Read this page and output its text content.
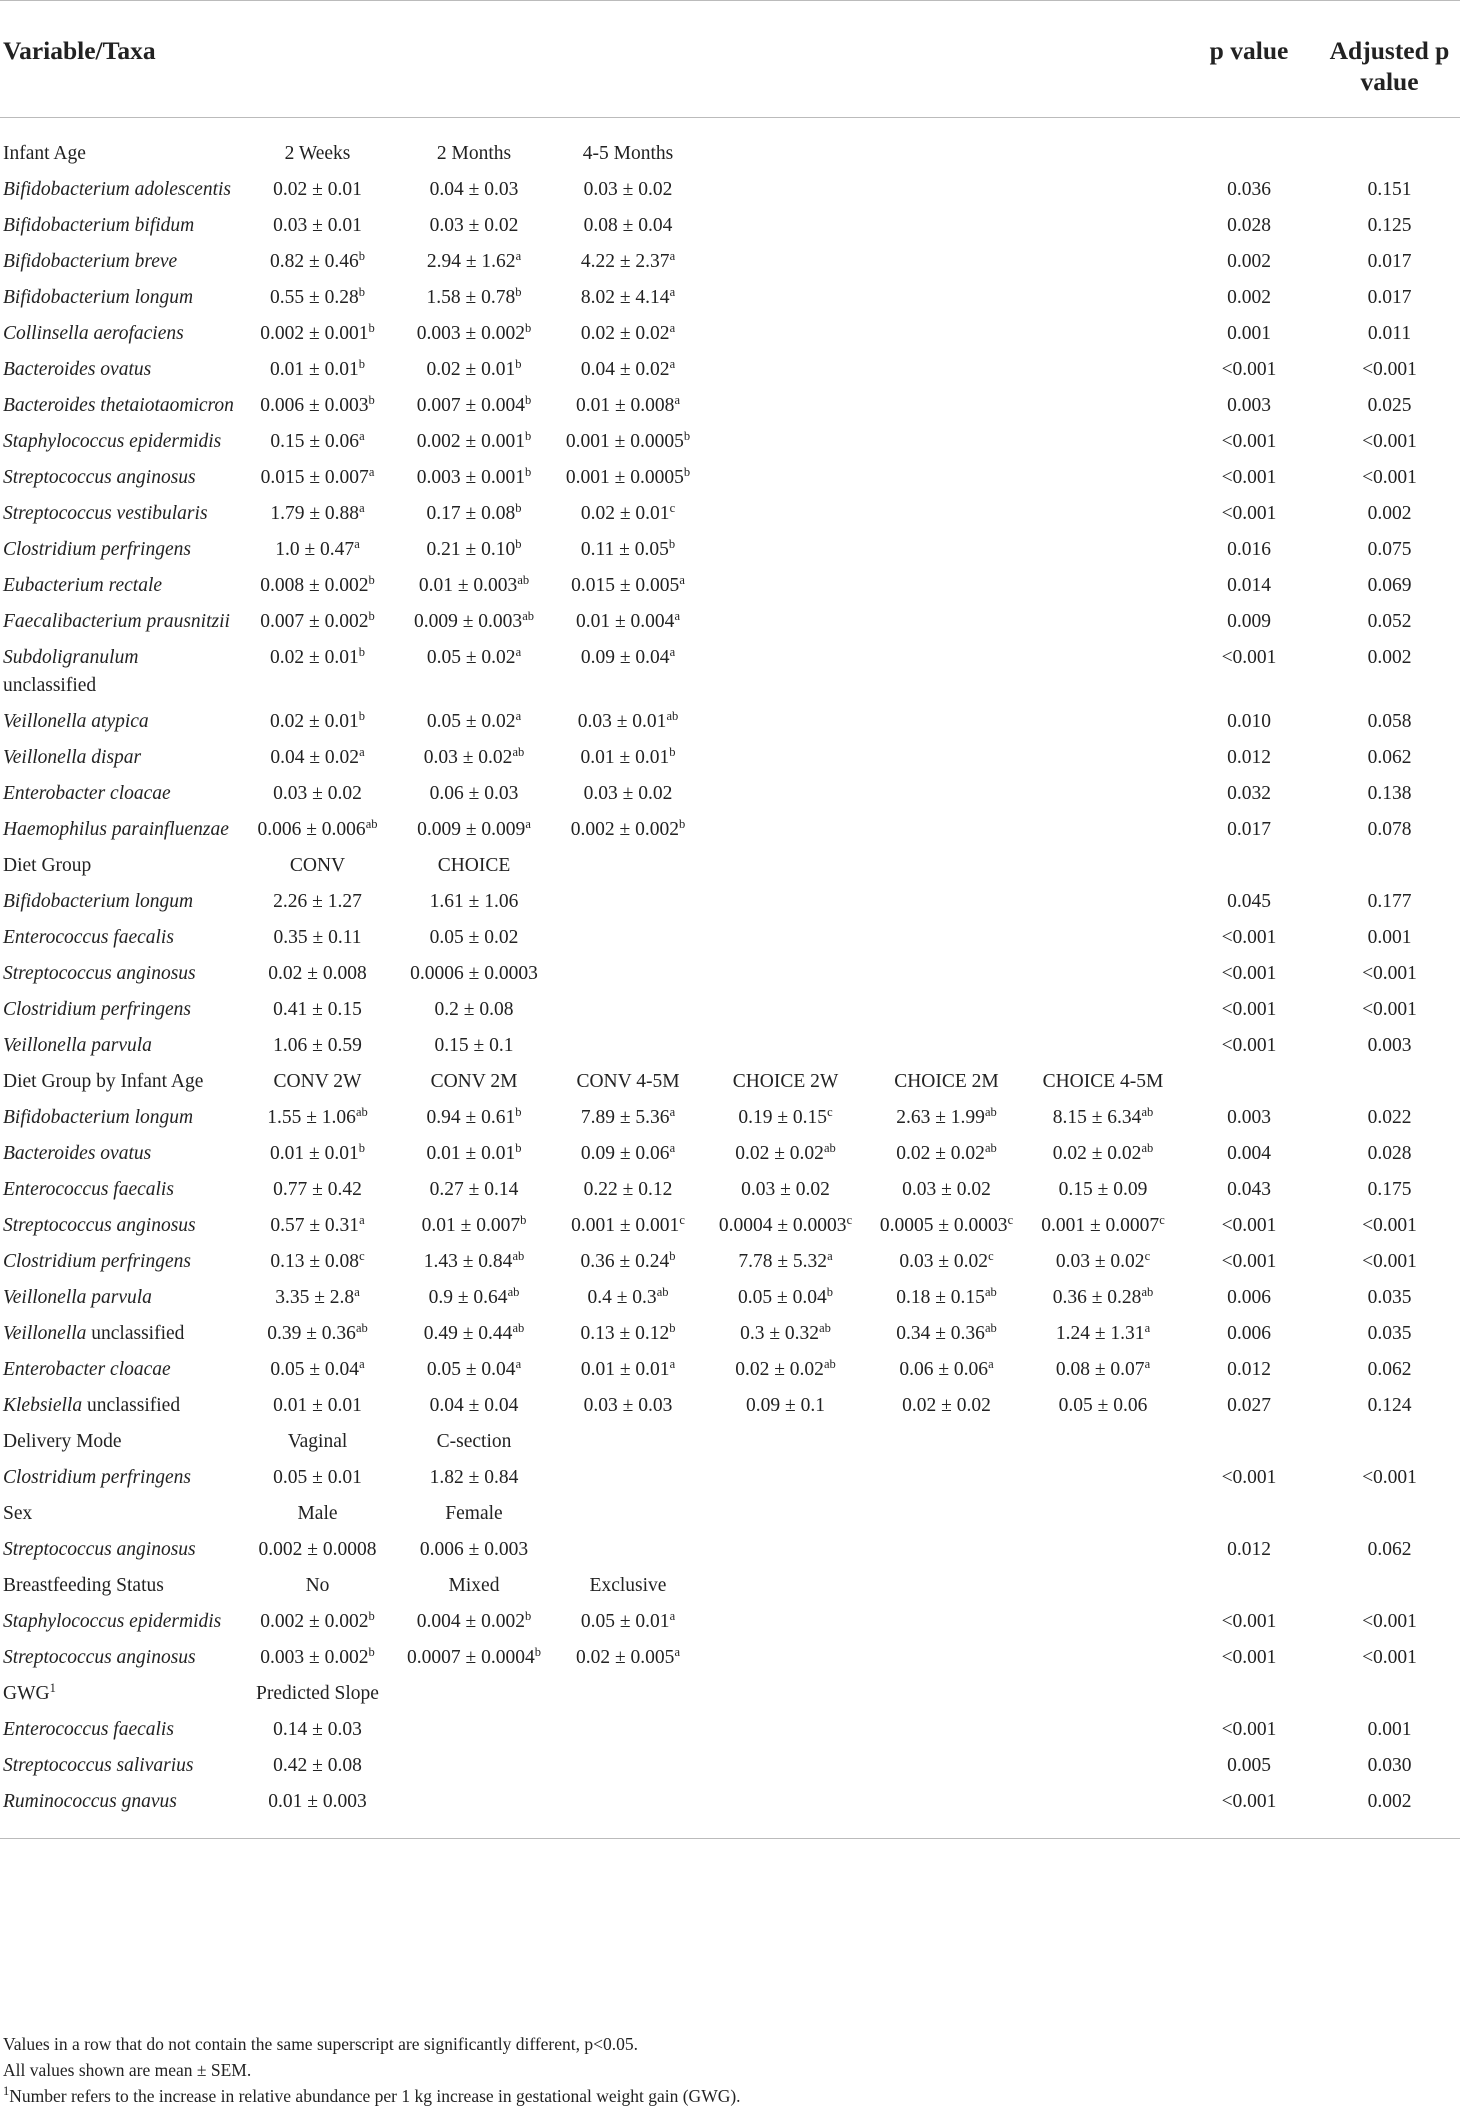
Variable/Taxa							p value	Adjusted p value
Infant Age	2 Weeks	2 Months	4-5 Months					
Bifidobacterium adolescentis	0.02 ± 0.01	0.04 ± 0.03	0.03 ± 0.02				0.036	0.151
Bifidobacterium bifidum	0.03 ± 0.01	0.03 ± 0.02	0.08 ± 0.04				0.028	0.125
Bifidobacterium breve	0.82 ± 0.46$^b$	2.94 ± 1.62$^a$	4.22 ± 2.37$^a$				0.002	0.017
Bifidobacterium longum	0.55 ± 0.28$^b$	1.58 ± 0.78$^b$	8.02 ± 4.14$^a$				0.002	0.017
Collinsella aerofaciens	0.002 ± 0.001$^b$	0.003 ± 0.002$^b$	0.02 ± 0.02$^a$				0.001	0.011
Bacteroides ovatus	0.01 ± 0.01$^b$	0.02 ± 0.01$^b$	0.04 ± 0.02$^a$				<0.001	<0.001
Bacteroides thetaiotaomicron	0.006 ± 0.003$^b$	0.007 ± 0.004$^b$	0.01 ± 0.008$^a$				0.003	0.025
Staphylococcus epidermidis	0.15 ± 0.06$^a$	0.002 ± 0.001$^b$	0.001 ± 0.0005$^b$				<0.001	<0.001
Streptococcus anginosus	0.015 ± 0.007$^a$	0.003 ± 0.001$^b$	0.001 ± 0.0005$^b$				<0.001	<0.001
Streptococcus vestibularis	1.79 ± 0.88$^a$	0.17 ± 0.08$^b$	0.02 ± 0.01$^c$				<0.001	0.002
Clostridium perfringens	1.0 ± 0.47$^a$	0.21 ± 0.10$^b$	0.11 ± 0.05$^b$				0.016	0.075
Eubacterium rectale	0.008 ± 0.002$^b$	0.01 ± 0.003$^{ab}$	0.015 ± 0.005$^a$				0.014	0.069
Faecalibacterium prausnitzii	0.007 ± 0.002$^b$	0.009 ± 0.003$^{ab}$	0.01 ± 0.004$^a$				0.009	0.052
Subdoligranulum unclassified	0.02 ± 0.01$^b$	0.05 ± 0.02$^a$	0.09 ± 0.04$^a$				<0.001	0.002
Veillonella atypica	0.02 ± 0.01$^b$	0.05 ± 0.02$^a$	0.03 ± 0.01$^{ab}$				0.010	0.058
Veillonella dispar	0.04 ± 0.02$^a$	0.03 ± 0.02$^{ab}$	0.01 ± 0.01$^b$				0.012	0.062
Enterobacter cloacae	0.03 ± 0.02	0.06 ± 0.03	0.03 ± 0.02				0.032	0.138
Haemophilus parainfluenzae	0.006 ± 0.006$^{ab}$	0.009 ± 0.009$^a$	0.002 ± 0.002$^b$				0.017	0.078
Diet Group	CONV	CHOICE						
Bifidobacterium longum	2.26 ± 1.27	1.61 ± 1.06					0.045	0.177
Enterococcus faecalis	0.35 ± 0.11	0.05 ± 0.02					<0.001	0.001
Streptococcus anginosus	0.02 ± 0.008	0.0006 ± 0.0003					<0.001	<0.001
Clostridium perfringens	0.41 ± 0.15	0.2 ± 0.08					<0.001	<0.001
Veillonella parvula	1.06 ± 0.59	0.15 ± 0.1					<0.001	0.003
Diet Group by Infant Age	CONV 2W	CONV 2M	CONV 4-5M	CHOICE 2W	CHOICE 2M	CHOICE 4-5M		
Bifidobacterium longum	1.55 ± 1.06$^{ab}$	0.94 ± 0.61$^b$	7.89 ± 5.36$^a$	0.19 ± 0.15$^c$	2.63 ± 1.99$^{ab}$	8.15 ± 6.34$^{ab}$	0.003	0.022
Bacteroides ovatus	0.01 ± 0.01$^b$	0.01 ± 0.01$^b$	0.09 ± 0.06$^a$	0.02 ± 0.02$^{ab}$	0.02 ± 0.02$^{ab}$	0.02 ± 0.02$^{ab}$	0.004	0.028
Enterococcus faecalis	0.77 ± 0.42	0.27 ± 0.14	0.22 ± 0.12	0.03 ± 0.02	0.03 ± 0.02	0.15 ± 0.09	0.043	0.175
Streptococcus anginosus	0.57 ± 0.31$^a$	0.01 ± 0.007$^b$	0.001 ± 0.001$^c$	0.0004 ± 0.0003$^c$	0.0005 ± 0.0003$^c$	0.001 ± 0.0007$^c$	<0.001	<0.001
Clostridium perfringens	0.13 ± 0.08$^c$	1.43 ± 0.84$^{ab}$	0.36 ± 0.24$^b$	7.78 ± 5.32$^a$	0.03 ± 0.02$^c$	0.03 ± 0.02$^c$	<0.001	<0.001
Veillonella parvula	3.35 ± 2.8$^a$	0.9 ± 0.64$^{ab}$	0.4 ± 0.3$^{ab}$	0.05 ± 0.04$^b$	0.18 ± 0.15$^{ab}$	0.36 ± 0.28$^{ab}$	0.006	0.035
Veillonella unclassified	0.39 ± 0.36$^{ab}$	0.49 ± 0.44$^{ab}$	0.13 ± 0.12$^b$	0.3 ± 0.32$^{ab}$	0.34 ± 0.36$^{ab}$	1.24 ± 1.31$^a$	0.006	0.035
Enterobacter cloacae	0.05 ± 0.04$^a$	0.05 ± 0.04$^a$	0.01 ± 0.01$^a$	0.02 ± 0.02$^{ab}$	0.06 ± 0.06$^a$	0.08 ± 0.07$^a$	0.012	0.062
Klebsiella unclassified	0.01 ± 0.01	0.04 ± 0.04	0.03 ± 0.03	0.09 ± 0.1	0.02 ± 0.02	0.05 ± 0.06	0.027	0.124
Delivery Mode	Vaginal	C-section						
Clostridium perfringens	0.05 ± 0.01	1.82 ± 0.84					<0.001	<0.001
Sex	Male	Female						
Streptococcus anginosus	0.002 ± 0.0008	0.006 ± 0.003					0.012	0.062
Breastfeeding Status	No	Mixed	Exclusive					
Staphylococcus epidermidis	0.002 ± 0.002$^b$	0.004 ± 0.002$^b$	0.05 ± 0.01$^a$				<0.001	<0.001
Streptococcus anginosus	0.003 ± 0.002$^b$	0.0007 ± 0.0004$^b$	0.02 ± 0.005$^a$				<0.001	<0.001
GWG$^1$	Predicted Slope							
Enterococcus faecalis	0.14 ± 0.03						<0.001	0.001
Streptococcus salivarius	0.42 ± 0.08						0.005	0.030
Ruminococcus gnavus	0.01 ± 0.003						<0.001	0.002
Values in a row that do not contain the same superscript are significantly different, p<0.05.
All values shown are mean ± SEM.
$^1$Number refers to the increase in relative abundance per 1 kg increase in gestational weight gain (GWG).
